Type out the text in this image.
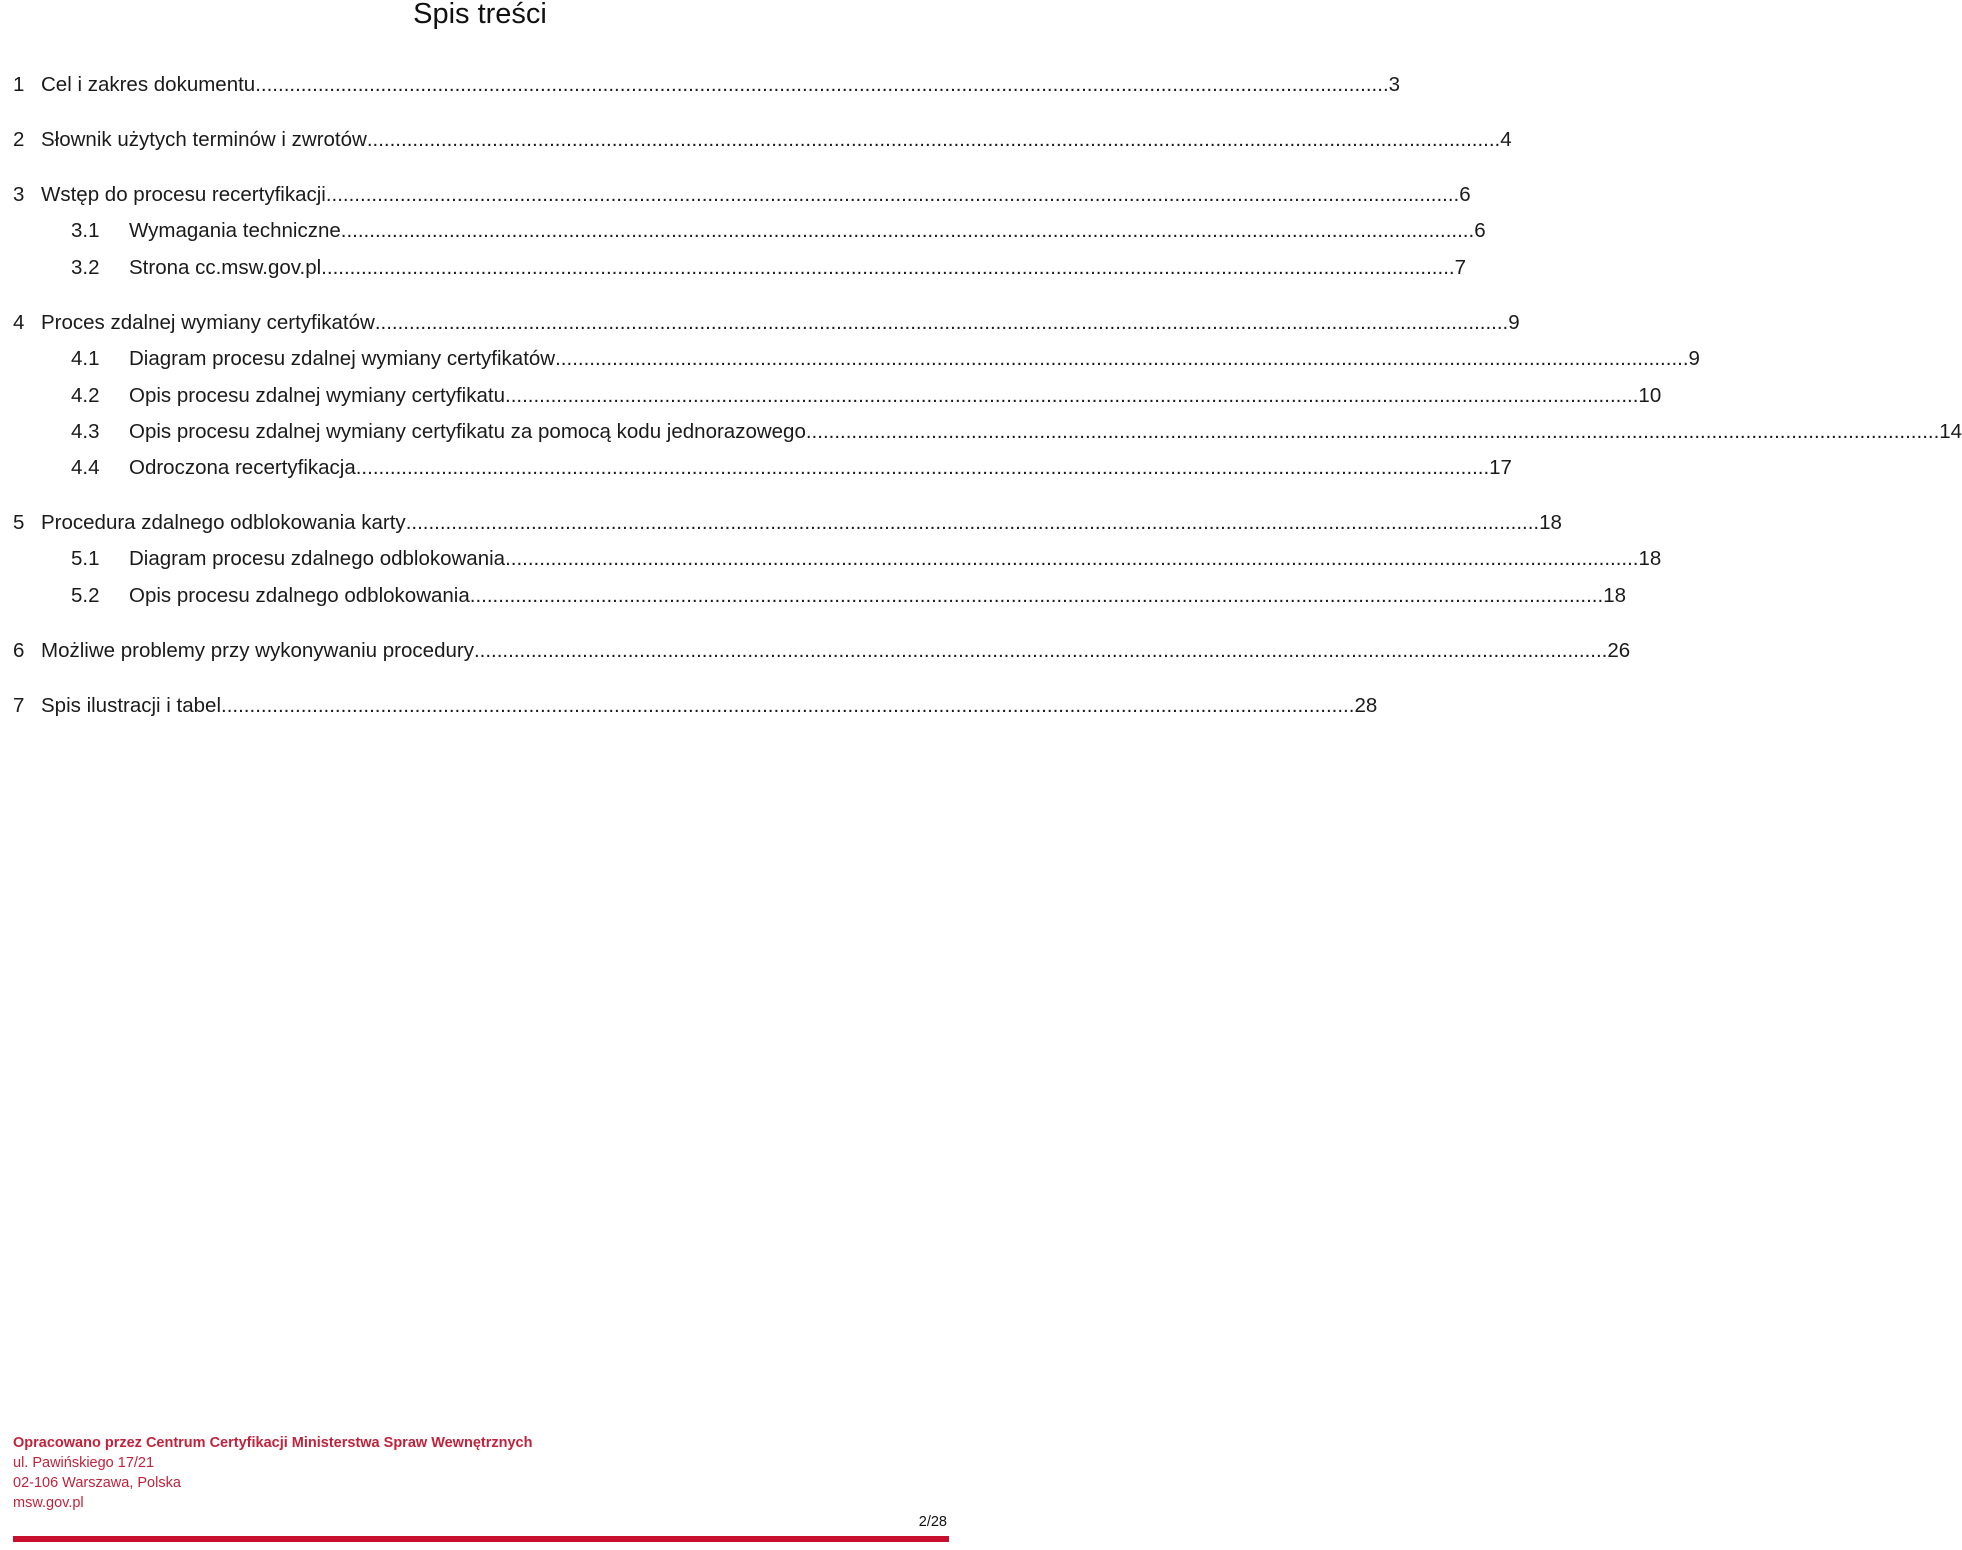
Spis treści
1 Cel i zakres dokumentu ....................................................................................................................................................................................................... 3
2 Słownik użytych terminów i zwrotów ....................................................................................................................................................................................................... 4
3 Wstęp do procesu recertyfikacji ....................................................................................................................................................................................................... 6
3.1 Wymagania techniczne ....................................................................................................................................................................................................... 6
3.2 Strona cc.msw.gov.pl ....................................................................................................................................................................................................... 7
4 Proces zdalnej wymiany certyfikatów ....................................................................................................................................................................................................... 9
4.1 Diagram procesu zdalnej wymiany certyfikatów ....................................................................................................................................................................................................... 9
4.2 Opis procesu zdalnej wymiany certyfikatu ....................................................................................................................................................................................................... 10
4.3 Opis procesu zdalnej wymiany certyfikatu za pomocą kodu jednorazowego ....................................................................................................................................................................................................... 14
4.4 Odroczona recertyfikacja ....................................................................................................................................................................................................... 17
5 Procedura zdalnego odblokowania karty ....................................................................................................................................................................................................... 18
5.1 Diagram procesu zdalnego odblokowania ....................................................................................................................................................................................................... 18
5.2 Opis procesu zdalnego odblokowania ....................................................................................................................................................................................................... 18
6 Możliwe problemy przy wykonywaniu procedury ....................................................................................................................................................................................................... 26
7 Spis ilustracji i tabel ....................................................................................................................................................................................................... 28
Opracowano przez Centrum Certyfikacji Ministerstwa Spraw Wewnętrznych
ul. Pawińskiego 17/21
02-106 Warszawa, Polska
msw.gov.pl
2/28
